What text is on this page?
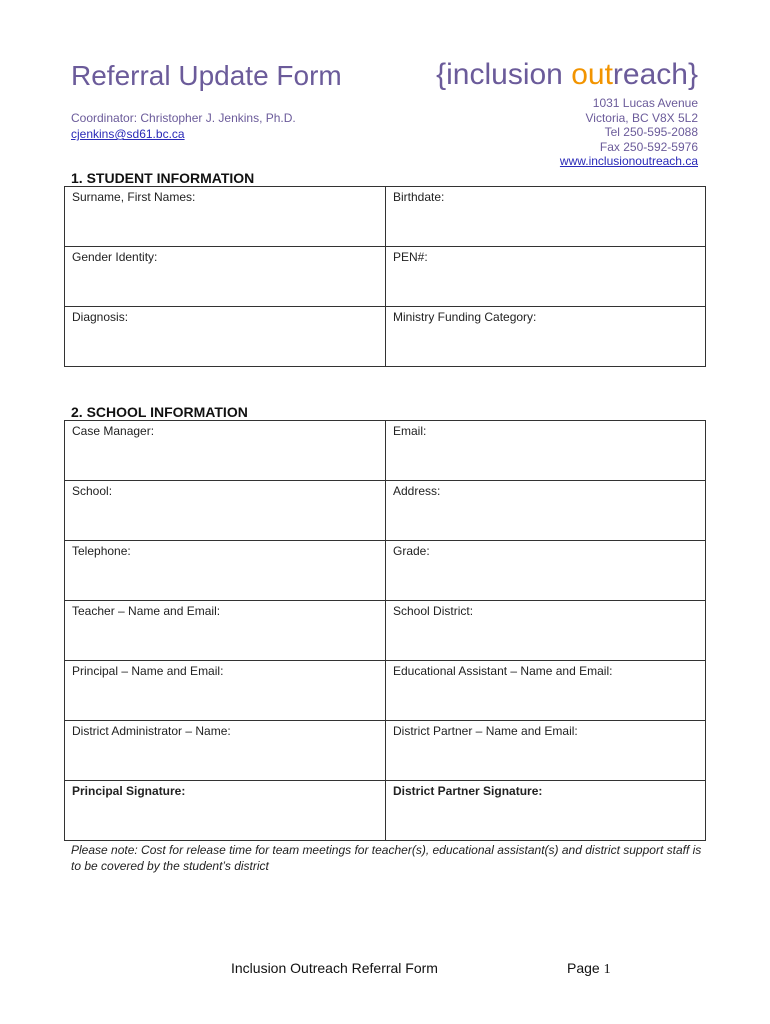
Referral Update Form
Coordinator: Christopher J. Jenkins, Ph.D.
cjenkins@sd61.bc.ca
{inclusion outreach}
1031 Lucas Avenue
Victoria, BC V8X 5L2
Tel 250-595-2088
Fax 250-592-5976
www.inclusionoutreach.ca
1. STUDENT INFORMATION
Surname, First Names:	Birthdate:
Gender Identity:	PEN#:
Diagnosis:	Ministry Funding Category:
2. SCHOOL INFORMATION
Case Manager:	Email:
School:	Address:
Telephone:	Grade:
Teacher – Name and Email:	School District:
Principal – Name and Email:	Educational Assistant – Name and Email:
District Administrator – Name:	District Partner – Name and Email:
Principal Signature:	District Partner Signature:
Please note: Cost for release time for team meetings for teacher(s), educational assistant(s) and district support staff is to be covered by the student’s district
Inclusion Outreach Referral Form	Page 1
